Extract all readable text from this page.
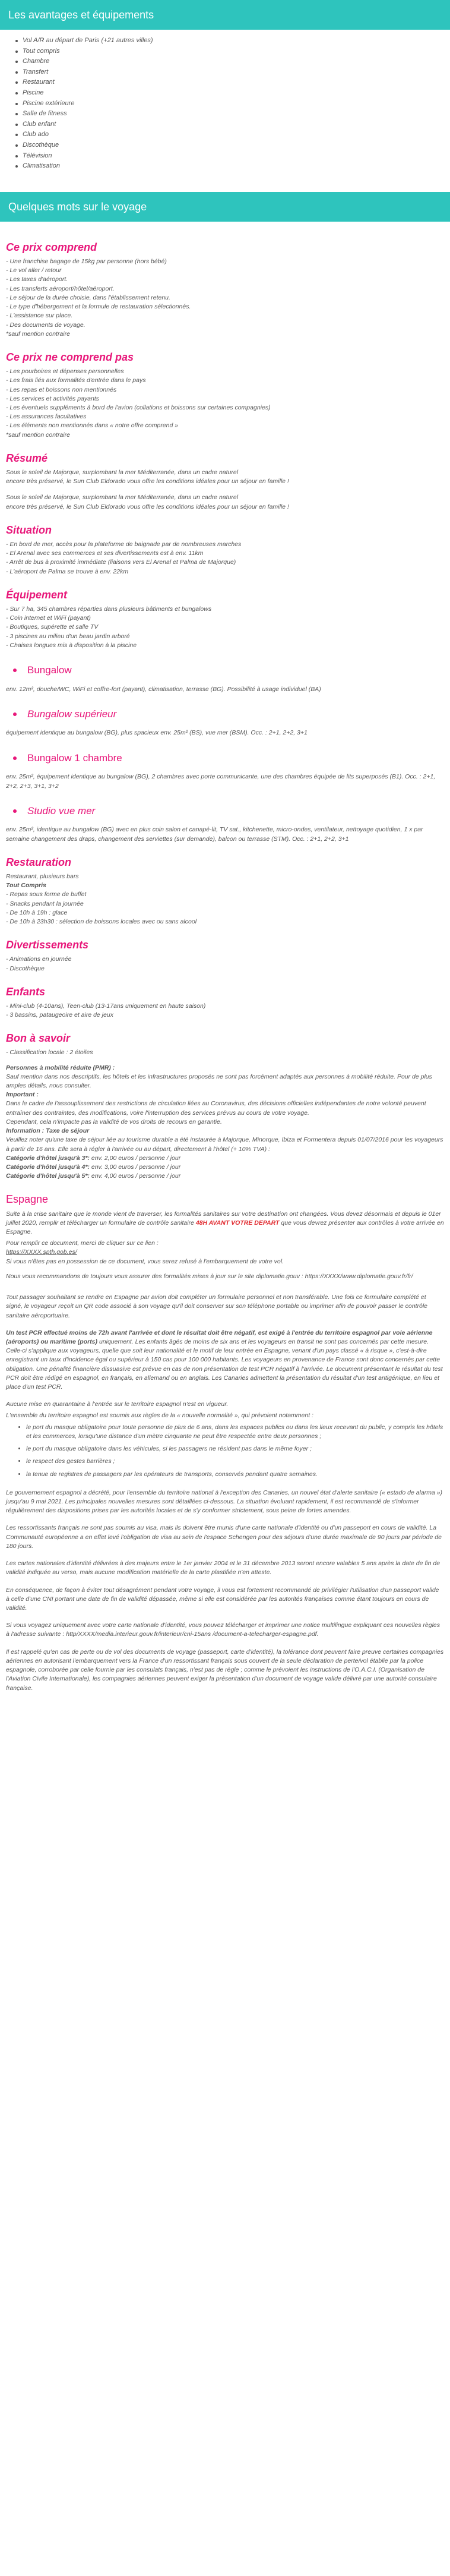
Les avantages et équipements
Vol A/R au départ de Paris (+21 autres villes)
Tout compris
Chambre
Transfert
Restaurant
Piscine
Piscine extérieure
Salle de fitness
Club enfant
Club ado
Discothèque
Télévision
Climatisation
Quelques mots sur le voyage
Ce prix comprend
- Une franchise bagage de 15kg par personne (hors bébé)
- Le vol aller / retour
- Les taxes d'aéroport.
- Les transferts aéroport/hôtel/aéroport.
- Le séjour de la durée choisie, dans l'établissement retenu.
- Le type d'hébergement et la formule de restauration sélectionnés.
- L'assistance sur place.
- Des documents de voyage.
*sauf mention contraire
Ce prix ne comprend pas
- Les pourboires et dépenses personnelles
- Les frais liés aux formalités d'entrée dans le pays
- Les repas et boissons non mentionnés
- Les services et activités payants
- Les éventuels suppléments à bord de l'avion (collations et boissons sur certaines compagnies)
- Les assurances facultatives
- Les éléments non mentionnés dans « notre offre comprend »
*sauf mention contraire
Résumé
Sous le soleil de Majorque, surplombant la mer Méditerranée, dans un cadre naturel
encore très préservé, le Sun Club Eldorado vous offre les conditions idéales pour un séjour en famille !
Sous le soleil de Majorque, surplombant la mer Méditerranée, dans un cadre naturel
encore très préservé, le Sun Club Eldorado vous offre les conditions idéales pour un séjour en famille !
Situation
- En bord de mer, accès pour la plateforme de baignade par de nombreuses marches
- El Arenal avec ses commerces et ses divertissements est à env. 11km
- Arrêt de bus à proximité immédiate (liaisons vers El Arenal et Palma de Majorque)
- L'aéroport de Palma se trouve à env. 22km
Équipement
- Sur 7 ha, 345 chambres réparties dans plusieurs bâtiments et bungalows
- Coin internet et WiFi (payant)
- Boutiques, supérette et salle TV
- 3 piscines au milieu d'un beau jardin arboré
- Chaises longues mis à disposition à la piscine
Bungalow
env. 12m², douche/WC, WiFi et coffre-fort (payant), climatisation, terrasse (BG). Possibilité à usage individuel (BA)
Bungalow supérieur
équipement identique au bungalow (BG), plus spacieux env. 25m² (BS), vue mer (BSM). Occ. : 2+1, 2+2, 3+1
Bungalow 1 chambre
env. 25m², équipement identique au bungalow (BG), 2 chambres avec porte communicante, une des chambres équipée de lits superposés (B1). Occ. : 2+1, 2+2, 2+3, 3+1, 3+2
Studio vue mer
env. 25m², identique au bungalow (BG) avec en plus coin salon et canapé-lit, TV sat., kitchenette, micro-ondes, ventilateur, nettoyage quotidien, 1 x par semaine changement des draps, changement des serviettes (sur demande), balcon ou terrasse (STM). Occ. : 2+1, 2+2, 3+1
Restauration
Restaurant, plusieurs bars
Tout Compris
- Repas sous forme de buffet
- Snacks pendant la journée
- De 10h à 19h : glace
- De 10h à 23h30 : sélection de boissons locales avec ou sans alcool
Divertissements
- Animations en journée
- Discothèque
Enfants
- Mini-club (4-10ans), Teen-club (13-17ans uniquement en haute saison)
- 3 bassins, pataugeoire et aire de jeux
Bon à savoir
- Classification locale : 2 étoiles
Personnes à mobilité réduite (PMR) :
Sauf mention dans nos descriptifs, les hôtels et les infrastructures proposés ne sont pas forcément adaptés aux personnes à mobilité réduite. Pour de plus amples détails, nous consulter.
Important :
Dans le cadre de l'assouplissement des restrictions de circulation liées au Coronavirus, des décisions officielles indépendantes de notre volonté peuvent entraîner des contraintes, des modifications, voire l'interruption des services prévus au cours de votre voyage.
Cependant, cela n'impacte pas la validité de vos droits de recours en garantie.
Information : Taxe de séjour
Veuillez noter qu'une taxe de séjour liée au tourisme durable a été instaurée à Majorque, Minorque, Ibiza et Formentera depuis 01/07/2016 pour les voyageurs à partir de 16 ans. Elle sera à régler à l'arrivée ou au départ, directement à l'hôtel (+ 10% TVA) :
Catégorie d'hôtel jusqu'à 3*: env. 2,00 euros / personne / jour
Catégorie d'hôtel jusqu'à 4*: env. 3,00 euros / personne / jour
Catégorie d'hôtel jusqu'à 5*: env. 4,00 euros / personne / jour
Espagne
Suite à la crise sanitaire que le monde vient de traverser, les formalités sanitaires sur votre destination ont changées. Vous devez désormais et depuis le 01er juillet 2020, remplir et télécharger un formulaire de contrôle sanitaire 48H AVANT VOTRE DEPART que vous devrez présenter aux contrôles à votre arrivée en Espagne.
Pour remplir ce document, merci de cliquer sur ce lien :
https://XXXX.spth.gob.es/
Si vous n'êtes pas en possession de ce document, vous serez refusé à l'embarquement de votre vol.
Nous vous recommandons de toujours vous assurer des formalités mises à jour sur le site diplomatie.gouv : https://XXXX/www.diplomatie.gouv.fr/fr/

Tout passager souhaitant se rendre en Espagne par avion doit compléter un formulaire personnel et non transférable. Une fois ce formulaire complété et signé, le voyageur reçoit un QR code associé à son voyage qu'il doit conserver sur son téléphone portable ou imprimer afin de pouvoir passer le contrôle sanitaire aéroportuaire.

Un test PCR effectué moins de 72h avant l'arrivée et dont le résultat doit être négatif, est exigé à l'entrée du territoire espagnol par voie aérienne (aéroports) ou maritime (ports) uniquement. Les enfants âgés de moins de six ans et les voyageurs en transit ne sont pas concernés par cette mesure. Celle-ci s'applique aux voyageurs, quelle que soit leur nationalité et le motif de leur entrée en Espagne, venant d'un pays classé « à risque », c'est-à-dire enregistrant un taux d'incidence égal ou supérieur à 150 cas pour 100 000 habitants. Les voyageurs en provenance de France sont donc concernés par cette obligation. Une pénalité financière dissuasive est prévue en cas de non présentation de test PCR négatif à l'arrivée. Le document présentant le résultat du test PCR doit être rédigé en espagnol, en français, en allemand ou en anglais. Les Canaries admettent la présentation du résultat d'un test antigénique, en lieu et place d'un test PCR.

Aucune mise en quarantaine à l'entrée sur le territoire espagnol n'est en vigueur.

L'ensemble du territoire espagnol est soumis aux règles de la « nouvelle normalité », qui prévoient notamment :

• le port du masque obligatoire pour toute personne de plus de 6 ans, dans les espaces publics ou dans les lieux recevant du public, y compris les hôtels et les commerces, lorsqu'une distance d'un mètre cinquante ne peut être respectée entre deux personnes ;
• le port du masque obligatoire dans les véhicules, si les passagers ne résident pas dans le même foyer ;
• le respect des gestes barrières ;
• la tenue de registres de passagers par les opérateurs de transports, conservés pendant quatre semaines.

Le gouvernement espagnol a décrété, pour l'ensemble du territoire national à l'exception des Canaries, un nouvel état d'alerte sanitaire (« estado de alarma ») jusqu'au 9 mai 2021. Les principales nouvelles mesures sont détaillées ci-dessous. La situation évoluant rapidement, il est recommandé de s'informer régulièrement des dispositions prises par les autorités locales et de s'y conformer strictement, sous peine de fortes amendes.

Les ressortissants français ne sont pas soumis au visa, mais ils doivent être munis d'une carte nationale d'identité ou d'un passeport en cours de validité. La Communauté européenne a en effet levé l'obligation de visa au sein de l'espace Schengen pour des séjours d'une durée maximale de 90 jours par période de 180 jours.

Les cartes nationales d'identité délivrées à des majeurs entre le 1er janvier 2004 et le 31 décembre 2013 seront encore valables 5 ans après la date de fin de validité indiquée au verso, mais aucune modification matérielle de la carte plastifiée n'en atteste.

En conséquence, de façon à éviter tout désagrément pendant votre voyage, il vous est fortement recommandé de privilégier l'utilisation d'un passeport valide à celle d'une CNI portant une date de fin de validité dépassée, même si elle est considérée par les autorités françaises comme étant toujours en cours de validité.

Si vous voyagez uniquement avec votre carte nationale d'identité, vous pouvez télécharger et imprimer une notice multilingue expliquant ces nouvelles règles à l'adresse suivante : http/XXXX/media.interieur.gouv.fr/interieur/cni-15ans /document-a-telecharger-espagne.pdf.

Il est rappelé qu'en cas de perte ou de vol des documents de voyage (passeport, carte d'identité), la tolérance dont peuvent faire preuve certaines compagnies aériennes en autorisant l'embarquement vers la France d'un ressortissant français sous couvert de la seule déclaration de perte/vol établie par la police espagnole, corroborée par celle fournie par les consulats français, n'est pas de règle ; comme le prévoient les instructions de l'O.A.C.I. (Organisation de l'Aviation Civile Internationale), les compagnies aériennes peuvent exiger la présentation d'un document de voyage valide délivré par une autorité consulaire française.
